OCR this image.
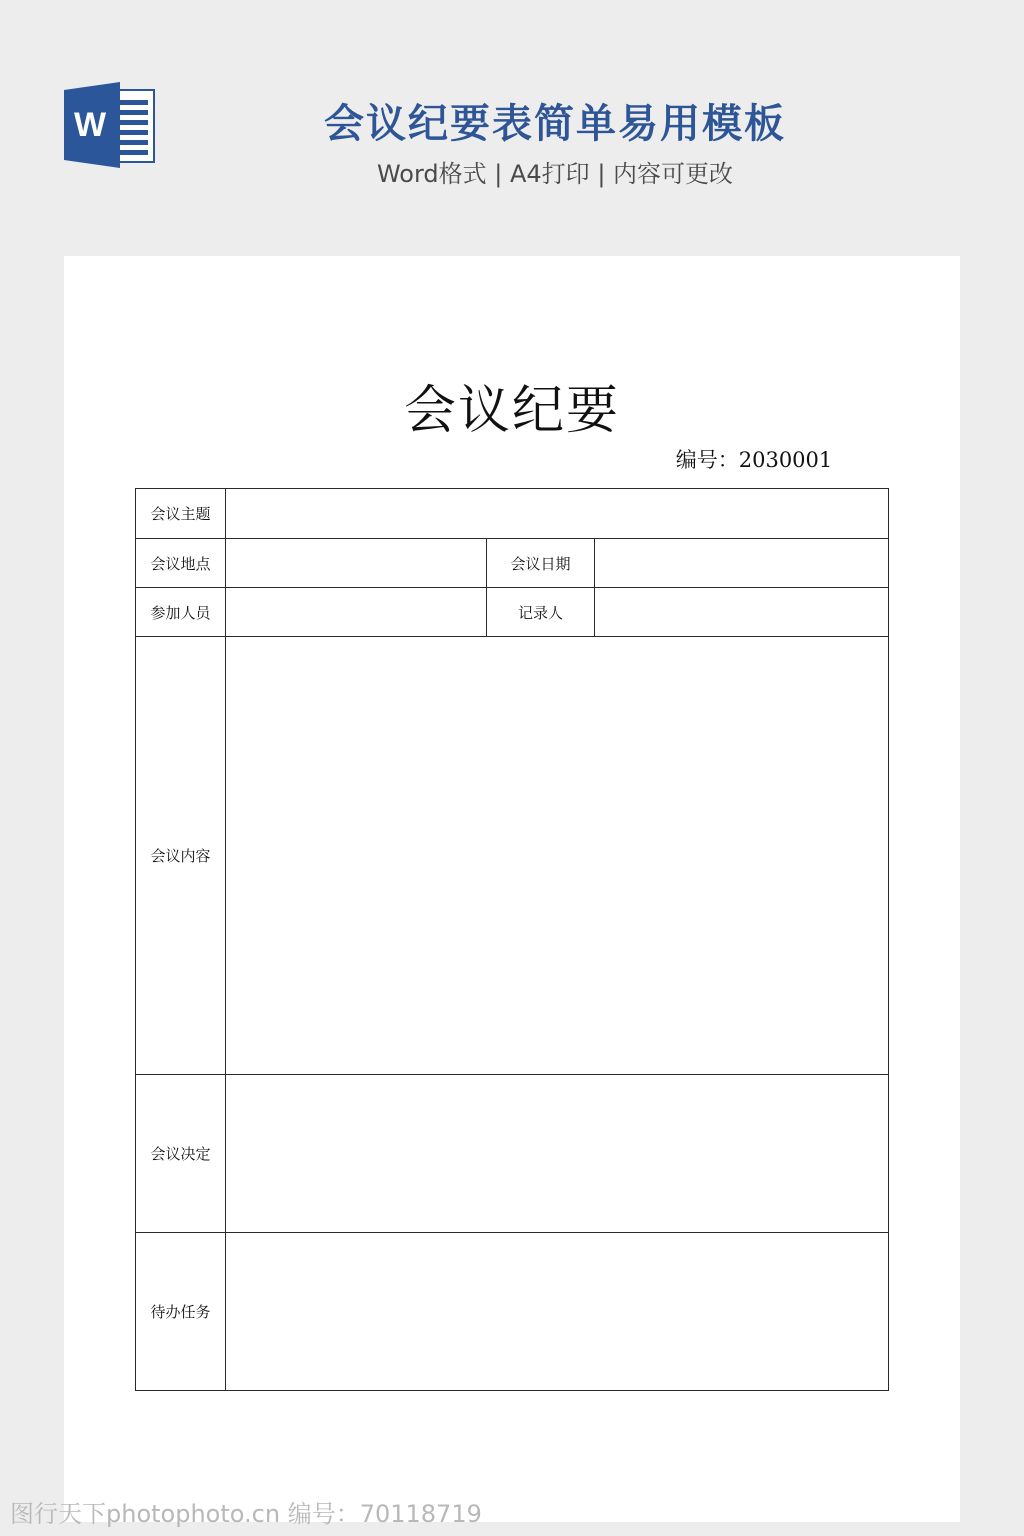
W	会议纪要表简单易用模板
Word格式 | A4打印 | 内容可更改
会议纪要
编号：2030001
会议主题			
会议地点		会议日期	
参加人员		记录人	
会议内容			
会议决定			
待办任务			
图行天下photophoto.cn 编号：70118719
